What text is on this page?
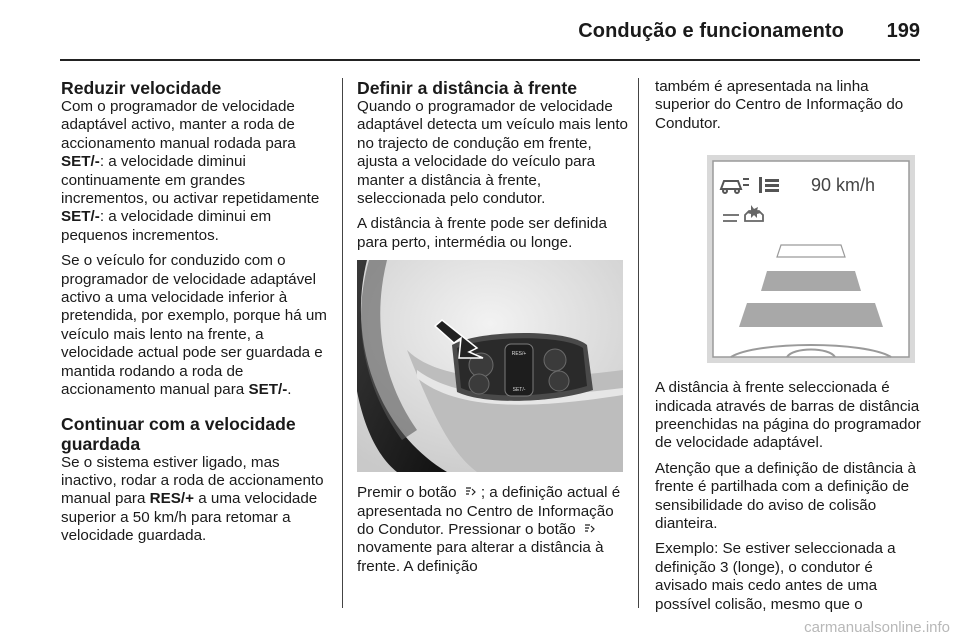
Condução e funcionamento 199
Reduzir velocidade

Com o programador de velocidade adaptável activo, manter a roda de accionamento manual rodada para SET/-: a velocidade diminui continuamente em grandes incrementos, ou activar repetidamente SET/-: a velocidade diminui em pequenos incrementos.

Se o veículo for conduzido com o programador de velocidade adaptável activo a uma velocidade inferior à pretendida, por exemplo, porque há um veículo mais lento na frente, a velocidade actual pode ser guardada e mantida rodando a roda de accionamento manual para SET/-.

Continuar com a velocidade guardada

Se o sistema estiver ligado, mas inactivo, rodar a roda de accionamento manual para RES/+ a uma velocidade superior a 50 km/h para retomar a velocidade guardada.

Definir a distância à frente

Quando o programador de velocidade adaptável detecta um veículo mais lento no trajecto de condução em frente, ajusta a velocidade do veículo para manter a distância à frente, seleccionada pelo condutor.

A distância à frente pode ser definida para perto, intermédia ou longe.

RES/+
SET/-

Premir o botão ; a definição actual é apresentada no Centro de Informação do Condutor. Pressionar o botão  novamente para alterar a distância à frente. A definição

também é apresentada na linha superior do Centro de Informação do Condutor.

90 km/h

A distância à frente seleccionada é indicada através de barras de distância preenchidas na página do programador de velocidade adaptável.

Atenção que a definição de distância à frente é partilhada com a definição de sensibilidade do aviso de colisão dianteira.

Exemplo: Se estiver seleccionada a definição 3 (longe), o condutor é avisado mais cedo antes de uma possível colisão, mesmo que o

carmanualsonline.info
